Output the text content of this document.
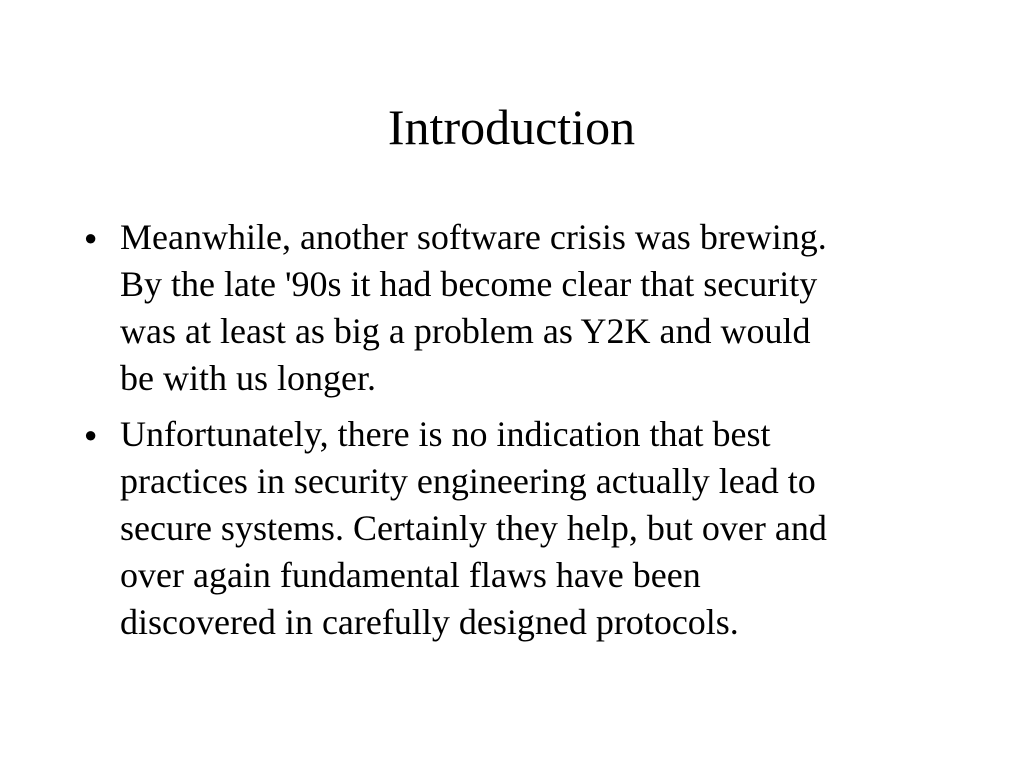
Introduction
● Meanwhile, another software crisis was brewing.
By the late '90s it had become clear that security
was at least as big a problem as Y2K and would
be with us longer.
● Unfortunately, there is no indication that best
practices in security engineering actually lead to
secure systems. Certainly they help, but over and
over again fundamental flaws have been
discovered in carefully designed protocols.
